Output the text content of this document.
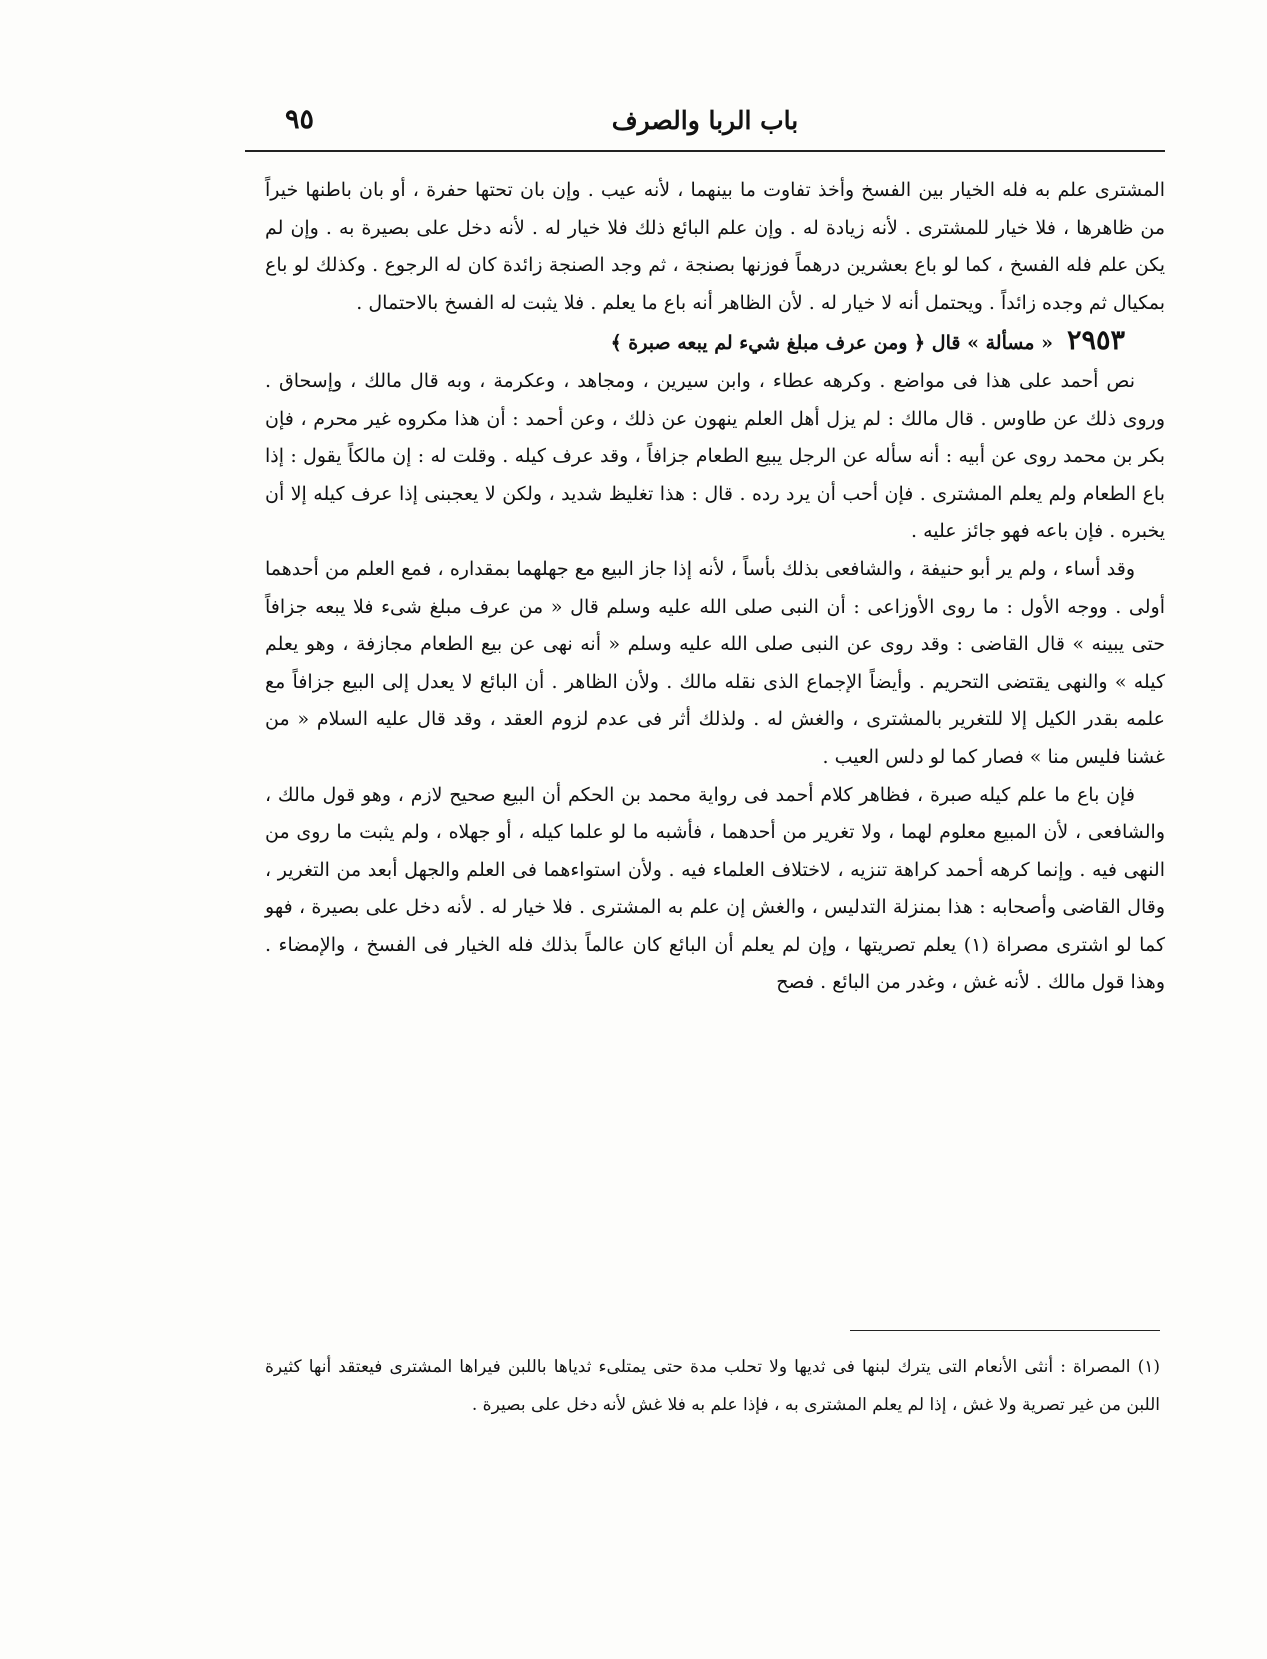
باب الربا والصرف
٩٥

المشترى علم به فله الخيار بين الفسخ وأخذ تفاوت ما بينهما ، لأنه عيب . وإن بان تحتها حفرة ، أو بان باطنها خيراً من ظاهرها ، فلا خيار للمشترى . لأنه زيادة له . وإن علم البائع ذلك فلا خيار له . لأنه دخل على بصيرة به . وإن لم يكن علم فله الفسخ ، كما لو باع بعشرين درهماً فوزنها بصنجة ، ثم وجد الصنجة زائدة كان له الرجوع . وكذلك لو باع بمكيال ثم وجده زائداً . ويحتمل أنه لا خيار له . لأن الظاهر أنه باع ما يعلم . فلا يثبت له الفسخ بالاحتمال .

٢٩٥٣« مسألة » قال ﴿ ومن عرف مبلغ شيء لم يبعه صبرة ﴾

نص أحمد على هذا فى مواضع . وكرهه عطاء ، وابن سيرين ، ومجاهد ، وعكرمة ، وبه قال مالك ، وإسحاق . وروى ذلك عن طاوس . قال مالك : لم يزل أهل العلم ينهون عن ذلك ، وعن أحمد : أن هذا مكروه غير محرم ، فإن بكر بن محمد روى عن أبيه : أنه سأله عن الرجل يبيع الطعام جزافاً ، وقد عرف كيله . وقلت له : إن مالكاً يقول : إذا باع الطعام ولم يعلم المشترى . فإن أحب أن يرد رده . قال : هذا تغليظ شديد ، ولكن لا يعجبنى إذا عرف كيله إلا أن يخبره . فإن باعه فهو جائز عليه .

وقد أساء ، ولم ير أبو حنيفة ، والشافعى بذلك بأساً ، لأنه إذا جاز البيع مع جهلهما بمقداره ، فمع العلم من أحدهما أولى . ووجه الأول : ما روى الأوزاعى : أن النبى صلى الله عليه وسلم قال « من عرف مبلغ شىء فلا يبعه جزافاً حتى يبينه » قال القاضى : وقد روى عن النبى صلى الله عليه وسلم « أنه نهى عن بيع الطعام مجازفة ، وهو يعلم كيله » والنهى يقتضى التحريم . وأيضاً الإجماع الذى نقله مالك . ولأن الظاهر . أن البائع لا يعدل إلى البيع جزافاً مع علمه بقدر الكيل إلا للتغرير بالمشترى ، والغش له . ولذلك أثر فى عدم لزوم العقد ، وقد قال عليه السلام « من غشنا فليس منا » فصار كما لو دلس العيب .

فإن باع ما علم كيله صبرة ، فظاهر كلام أحمد فى رواية محمد بن الحكم أن البيع صحيح لازم ، وهو قول مالك ، والشافعى ، لأن المبيع معلوم لهما ، ولا تغرير من أحدهما ، فأشبه ما لو علما كيله ، أو جهلاه ، ولم يثبت ما روى من النهى فيه . وإنما كرهه أحمد كراهة تنزيه ، لاختلاف العلماء فيه . ولأن استواءهما فى العلم والجهل أبعد من التغرير ، وقال القاضى وأصحابه : هذا بمنزلة التدليس ، والغش إن علم به المشترى . فلا خيار له . لأنه دخل على بصيرة ، فهو كما لو اشترى مصراة (١) يعلم تصريتها ، وإن لم يعلم أن البائع كان عالماً بذلك فله الخيار فى الفسخ ، والإمضاء . وهذا قول مالك . لأنه غش ، وغدر من البائع . فصح

(١) المصراة : أنثى الأنعام التى يترك لبنها فى ثديها ولا تحلب مدة حتى يمتلىء ثدياها باللبن فيراها المشترى فيعتقد أنها كثيرة اللبن من غير تصرية ولا غش ، إذا لم يعلم المشترى به ، فإذا علم به فلا غش لأنه دخل على بصيرة .
